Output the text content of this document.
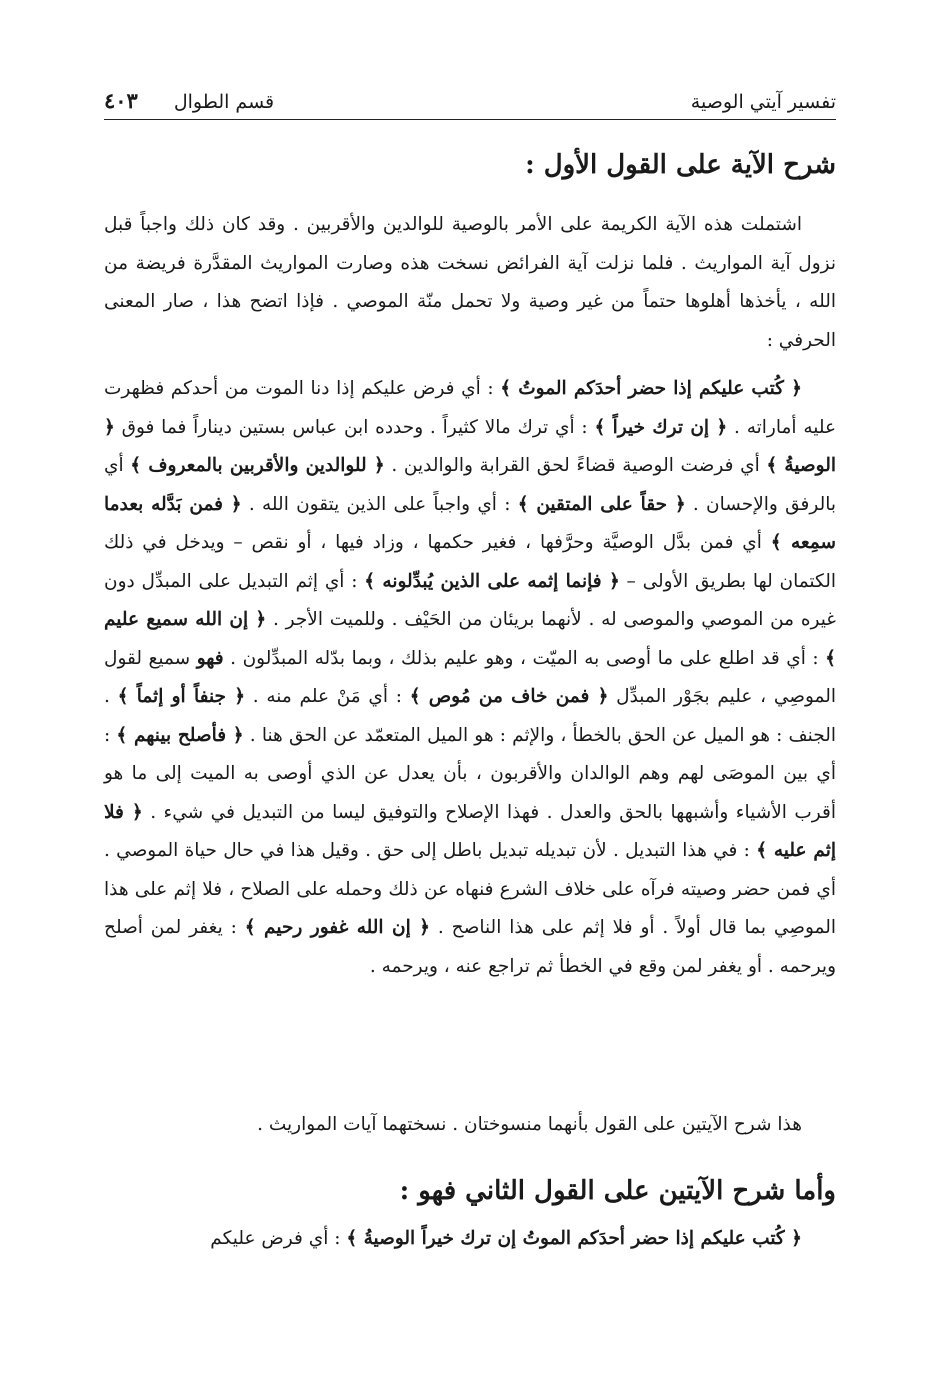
تفسير آيتي الوصية
قسم الطوال
٤٠٣
شرح الآية على القول الأول :
اشتملت هذه الآية الكريمة على الأمر بالوصية للوالدين والأقربين . وقد كان ذلك واجباً قبل نزول آية المواريث . فلما نزلت آية الفرائض نسخت هذه وصارت المواريث المقدَّرة فريضة من الله ، يأخذها أهلوها حتماً من غير وصية ولا تحمل منّة الموصي . فإذا اتضح هذا ، صار المعنى الحرفي :
﴿ كُتب عليكم إذا حضر أحدَكم الموتُ ﴾ : أي فرض عليكم إذا دنا الموت من أحدكم فظهرت عليه أماراته . ﴿ إن ترك خيراً ﴾ : أي ترك مالا كثيراً . وحدده ابن عباس بستين ديناراً فما فوق ﴿ الوصيةُ ﴾ أي فرضت الوصية قضاءً لحق القرابة والوالدين . ﴿ للوالدين والأقربين بالمعروف ﴾ أي بالرفق والإحسان . ﴿ حقاً على المتقين ﴾ : أي واجباً على الذين يتقون الله . ﴿ فمن بَدَّله بعدما سمِعه ﴾ أي فمن بدَّل الوصيَّة وحرَّفها ، فغير حكمها ، وزاد فيها ، أو نقص – ويدخل في ذلك الكتمان لها بطريق الأولى – ﴿ فإنما إثمه على الذين يُبدِّلونه ﴾ : أي إثم التبديل على المبدِّل دون غيره من الموصي والموصى له . لأنهما بريئان من الحَيْف . وللميت الأجر . ﴿ إن الله سميع عليم ﴾ : أي قد اطلع على ما أوصى به الميّت ، وهو عليم بذلك ، وبما بدّله المبدِّلون . فهو سميع لقول الموصِي ، عليم بجَوْر المبدِّل ﴿ فمن خاف من مُوص ﴾ : أي مَنْ علم منه . ﴿ جنفاً أو إثماً ﴾ . الجنف : هو الميل عن الحق بالخطأ ، والإثم : هو الميل المتعمّد عن الحق هنا . ﴿ فأصلح بينهم ﴾ : أي بين الموصَى لهم وهم الوالدان والأقربون ، بأن يعدل عن الذي أوصى به الميت إلى ما هو أقرب الأشياء وأشبهها بالحق والعدل . فهذا الإصلاح والتوفيق ليسا من التبديل في شيء . ﴿ فلا إثم عليه ﴾ : في هذا التبديل . لأن تبديله تبديل باطل إلى حق . وقيل هذا في حال حياة الموصي . أي فمن حضر وصيته فرآه على خلاف الشرع فنهاه عن ذلك وحمله على الصلاح ، فلا إثم على هذا الموصِي بما قال أولاً . أو فلا إثم على هذا الناصح . ﴿ إن الله غفور رحيم ﴾ : يغفر لمن أصلح ويرحمه . أو يغفر لمن وقع في الخطأ ثم تراجع عنه ، ويرحمه .
هذا شرح الآيتين على القول بأنهما منسوختان . نسختهما آيات المواريث .
وأما شرح الآيتين على القول الثاني فهو :
﴿ كُتب عليكم إذا حضر أحدَكم الموتُ إن ترك خيراً الوصيةُ ﴾ : أي فرض عليكم
